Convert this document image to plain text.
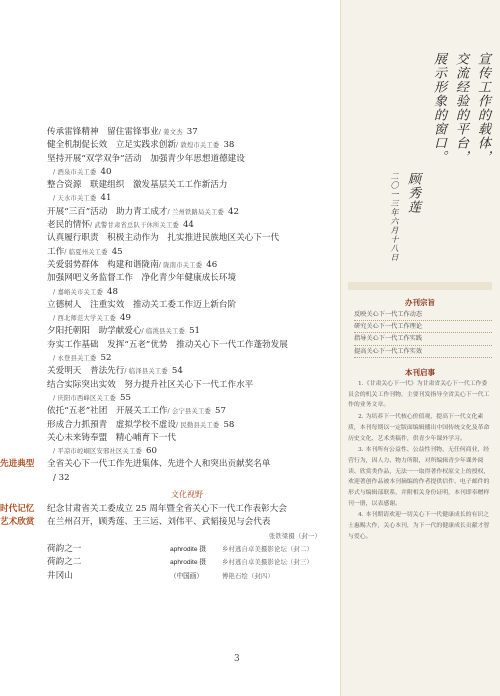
传承雷锋精神　留住雷锋事业/ 姜文杰 37
健全机制促长效　立足实践求创新/ 敦煌市关工委 38
坚持开展“双学双争”活动　加强青少年思想道德建设
/ 酒泉市关工委 40
整合资源　联建组织　激发基层关工工作新活力
/ 天水市关工委 41
开展“三百”活动　助力青工成才/ 兰州铁路局关工委 42
老民的情怀/ 武警甘肃省总队干休所关工委 44
认真履行职责　积极主动作为　扎实推进民族地区关心下一代
工作/ 临夏州关工委 45
关爱弱势群体　构建和谐陇南/ 陇南市关工委 46
加强网吧义务监督工作　净化青少年健康成长环境
/ 嘉峪关市关工委 48
立德树人　注重实效　推动关工委工作迈上新台阶
/ 西北师范大学关工委 49
夕阳托朝阳　助学献爱心/ 临洮县关工委 51
夯实工作基础　发挥“五老”优势　推动关心下一代工作蓬勃发展
/ 永登县关工委 52
关爱明天　普法先行/ 临泽县关工委 54
结合实际突出实效　努力提升社区关心下一代工作水平
/ 庆阳市西峰区关工委 55
依托“五老”社团　开展关工工作/ 会宁县关工委 57
形成合力抓預青　虚拟学校不虚设/ 民勤县关工委 58
关心未来铸奉盟　精心哺育下一代
/ 平凉市崆峒区安邪社区关工委 60
先进典型 全省关心下一代工作先进集体、先进个人和突出贡献奖名单
/ 32
文化视野
时代记忆 纪念甘肃省关工委成立 25 周年暨全省关心下一代工作表彰大会
艺术欣赏 在兰州召开，顾秀莲、王三运、刘伟平、武韬接见与会代表
张铁梁摄（封一）
荷韵之一	aphrodite 摄	乡村逃自卓美摄影论坛（封二）
荷韵之二	aphrodite 摄	乡村逃自卓美摄影论坛（封三）
井冈山	（中国画）	傅艳石绘（封四）
3
宣传工作的载体，
交流经验的平台，
展示形象的窗口。
顾秀莲
二〇一三年六月十八日
办刊宗旨
反映关心下一代工作动态
研究关心下一代工作理论
指导关心下一代工作实践
提高关心下一代工作实效
本刊启事

1.《甘肃关心下一代》为甘肃省关心下一代工作委员会的机关工作刊物，主要刊发指导全省关心下一代工作的业务文章。

2. 为培养下一代核心价值观，提高下一代文化素质，本刊每期以一定版面编辑播出中国传统文化及革命历史文化、艺术类稿件，供青少年课外学习。

3. 本刊所有公益性、公益性刊物，无任何商业、经营行为，因人力、物力所限，对所编辑青少年课外阅读、欣赏类作品，无法一一取得著作权原文上的授权，欢迎著创作品被本刊摘编的作者提供信件、电子邮件的形式与编辑部联系，并附相关身份证明，本刊即奉赠样刊一册，以表感谢。

4. 本刊期请欢迎一切关心下一代健康成长的有识之士惠赐大作，关心本刊，为下一代的健康成长贡献才智与爱心。
